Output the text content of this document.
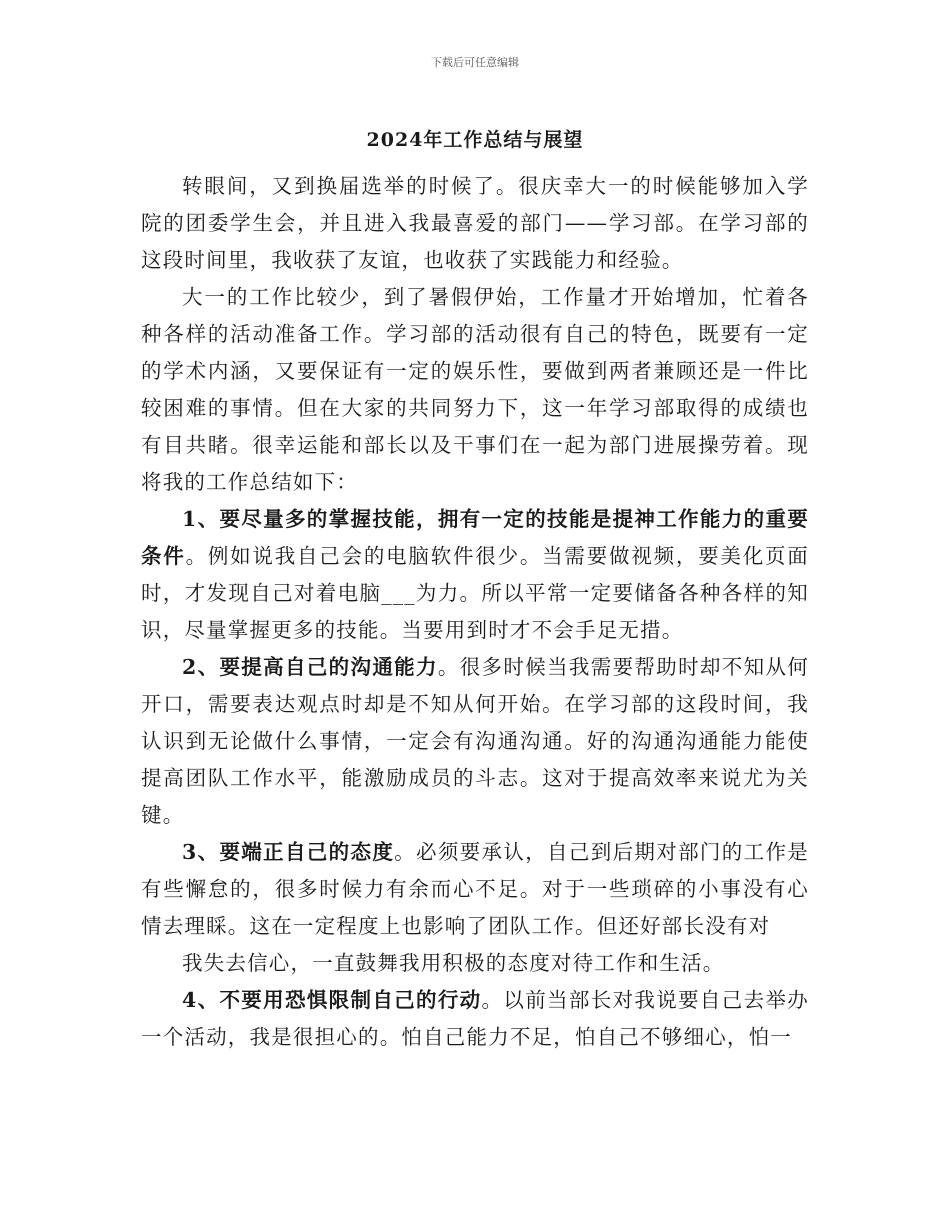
下载后可任意编辑
2024年工作总结与展望

转眼间，又到换届选举的时候了。很庆幸大一的时候能够加入学院的团委学生会，并且进入我最喜爱的部门——学习部。在学习部的这段时间里，我收获了友谊，也收获了实践能力和经验。

大一的工作比较少，到了暑假伊始，工作量才开始增加，忙着各种各样的活动准备工作。学习部的活动很有自己的特色，既要有一定的学术内涵，又要保证有一定的娱乐性，要做到两者兼顾还是一件比较困难的事情。但在大家的共同努力下，这一年学习部取得的成绩也有目共睹。很幸运能和部长以及干事们在一起为部门进展操劳着。现将我的工作总结如下：

1、要尽量多的掌握技能，拥有一定的技能是提神工作能力的重要条件。例如说我自己会的电脑软件很少。当需要做视频，要美化页面时，才发现自己对着电脑___为力。所以平常一定要储备各种各样的知识，尽量掌握更多的技能。当要用到时才不会手足无措。

2、要提高自己的沟通能力。很多时候当我需要帮助时却不知从何开口，需要表达观点时却是不知从何开始。在学习部的这段时间，我认识到无论做什么事情，一定会有沟通沟通。好的沟通沟通能力能使提高团队工作水平，能激励成员的斗志。这对于提高效率来说尤为关键。

3、要端正自己的态度。必须要承认，自己到后期对部门的工作是有些懈怠的，很多时候力有余而心不足。对于一些琐碎的小事没有心情去理睬。这在一定程度上也影响了团队工作。但还好部长没有对

我失去信心，一直鼓舞我用积极的态度对待工作和生活。

4、不要用恐惧限制自己的行动。以前当部长对我说要自己去举办一个活动，我是很担心的。怕自己能力不足，怕自己不够细心，怕一
